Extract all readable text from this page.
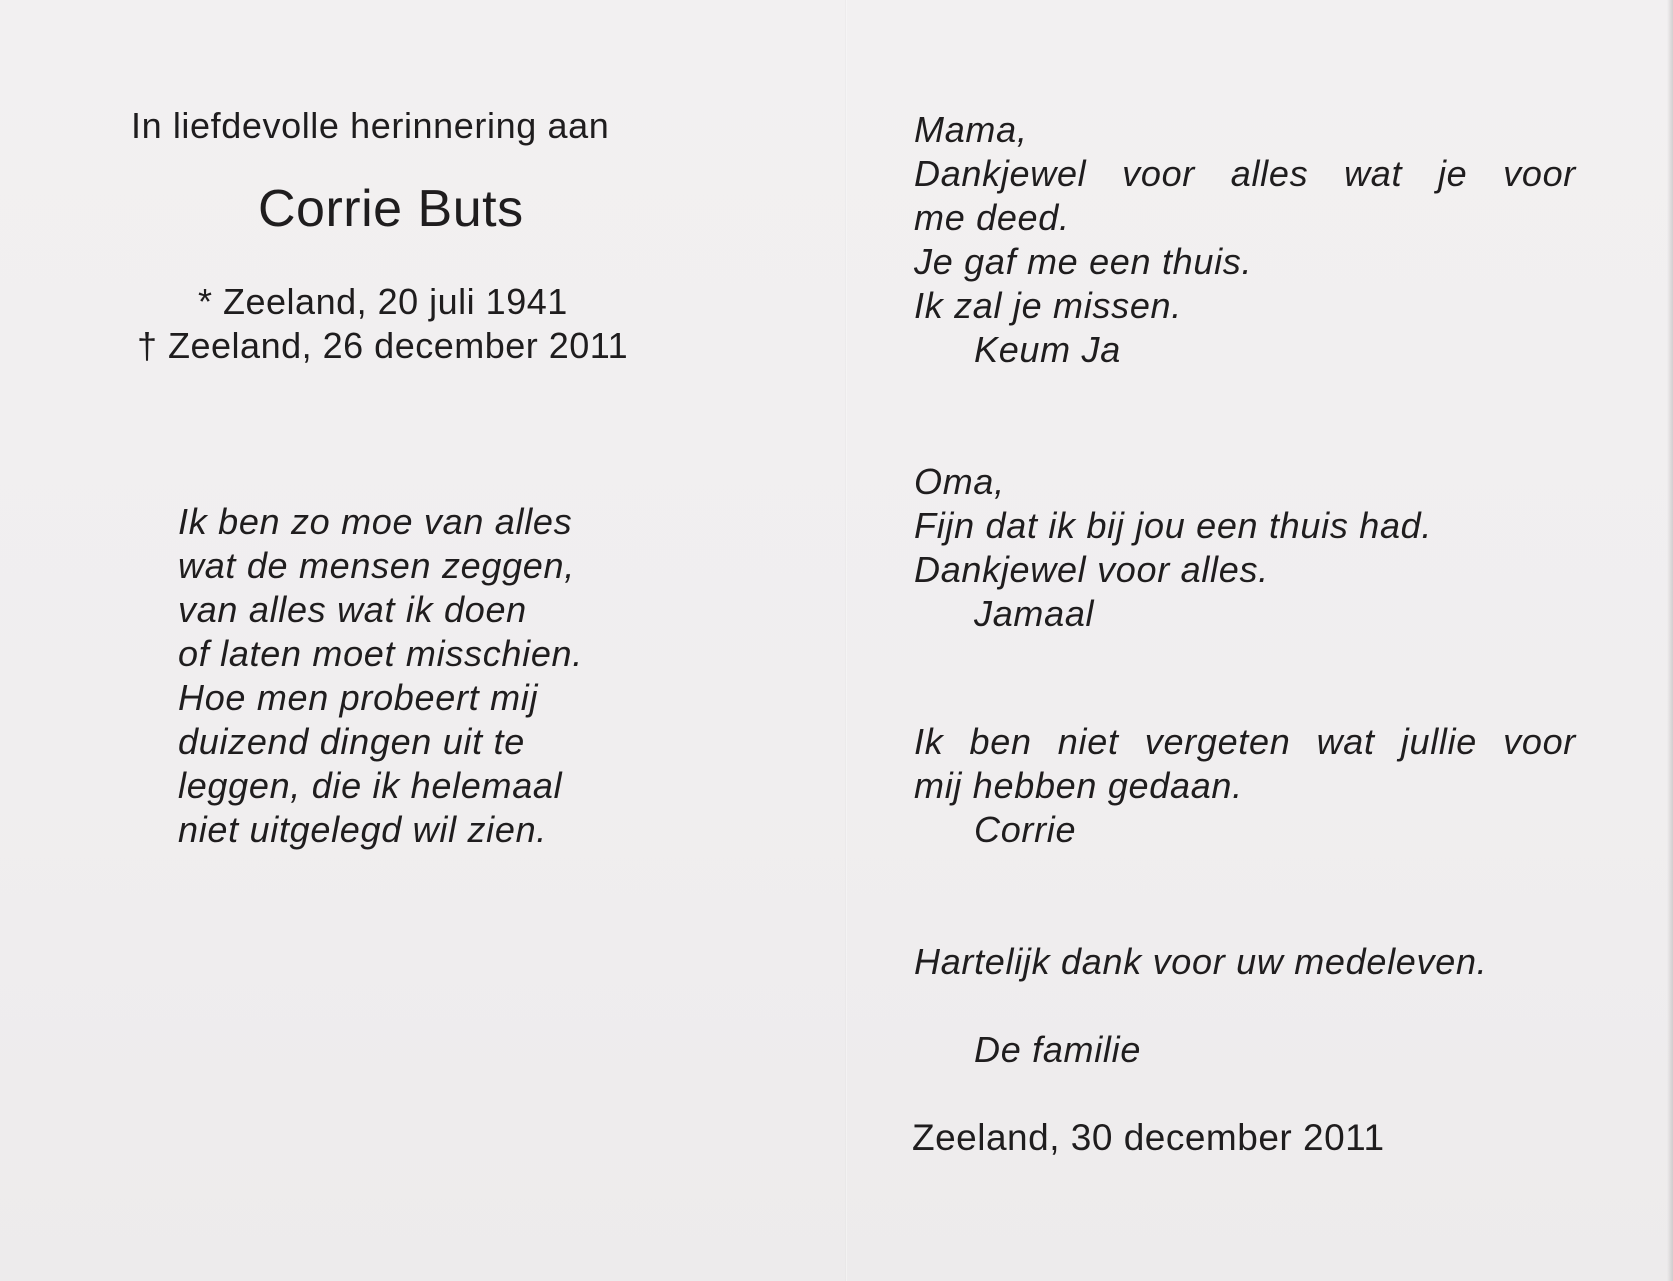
In liefdevolle herinnering aan

Corrie Buts

* Zeeland, 20 juli 1941

† Zeeland, 26 december 2011

Ik ben zo moe van alles
wat de mensen zeggen,
van alles wat ik doen
of laten moet misschien.
Hoe men probeert mij
duizend dingen uit te
leggen, die ik helemaal
niet uitgelegd wil zien.
Mama,
Dankjewel voor alles wat je voor
me deed.
Je gaf me een thuis.
Ik zal je missen.
Keum Ja
Oma,
Fijn dat ik bij jou een thuis had.
Dankjewel voor alles.
Jamaal
Ik ben niet vergeten wat jullie voor
mij hebben gedaan.
Corrie

Hartelijk dank voor uw medeleven.

De familie

Zeeland, 30 december 2011
